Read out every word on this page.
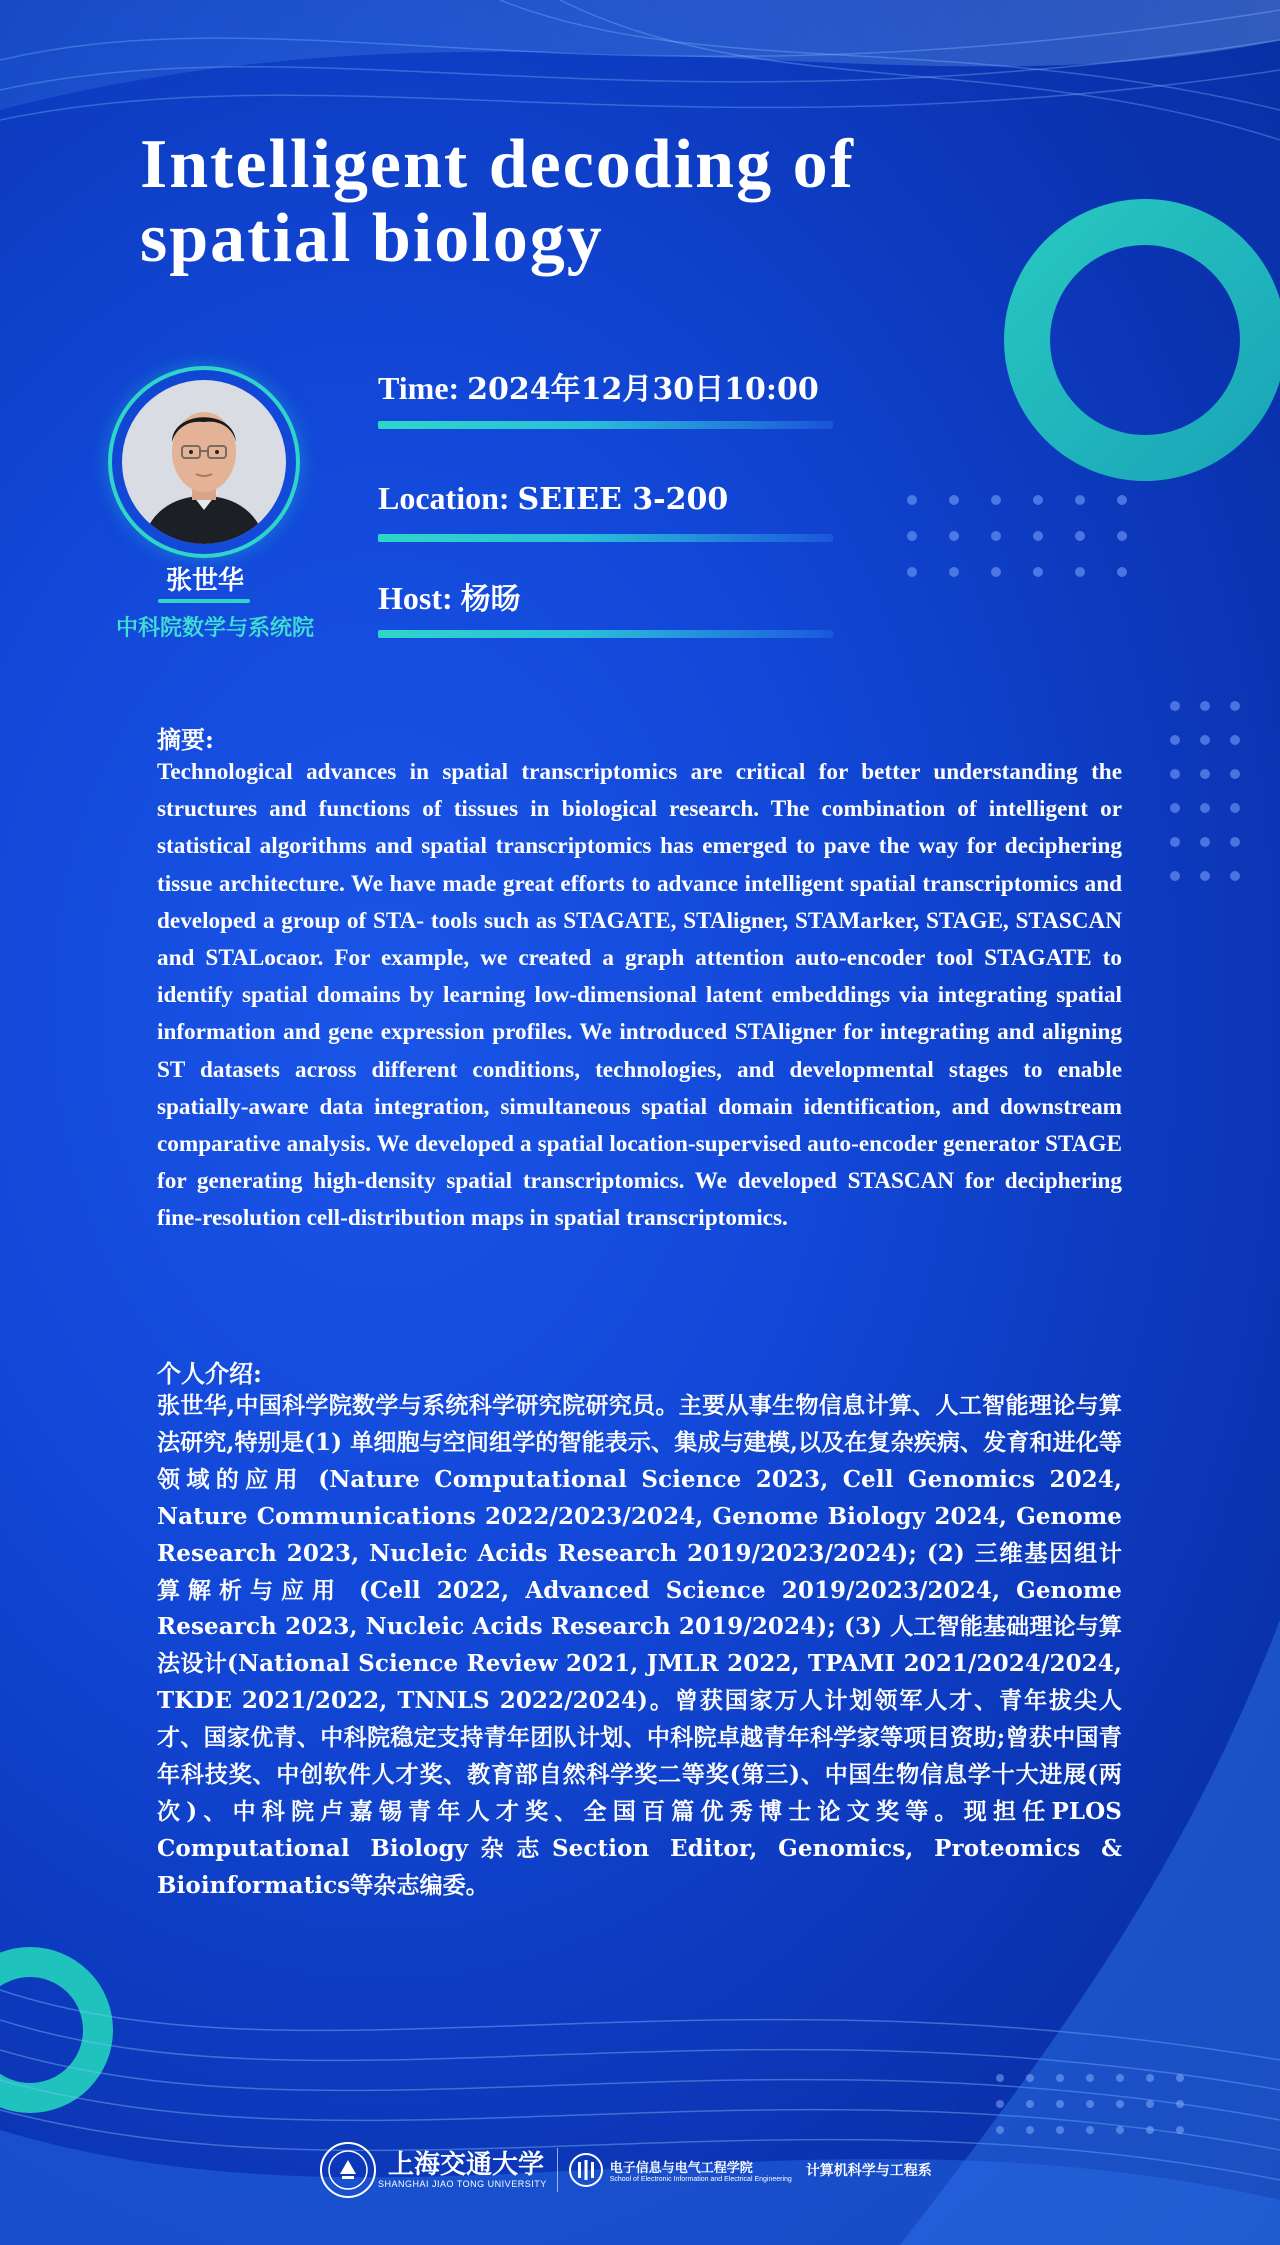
Intelligent decoding of
spatial biology
张世华
中科院数学与系统院
Time: 2024年12月30日10:00
Location: SEIEE 3-200
Host: 杨旸
摘要:

Technological advances in spatial transcriptomics are critical for better understanding the structures and functions of tissues in biological research. The combination of intelligent or statistical algorithms and spatial transcriptomics has emerged to pave the way for deciphering tissue architecture. We have made great efforts to advance intelligent spatial transcriptomics and developed a group of STA- tools such as STAGATE, STAligner, STAMarker, STAGE, STASCAN and STALocaor. For example, we created a graph attention auto-encoder tool STAGATE to identify spatial domains by learning low-dimensional latent embeddings via integrating spatial information and gene expression profiles. We introduced STAligner for integrating and aligning ST datasets across different conditions, technologies, and developmental stages to enable spatially-aware data integration, simultaneous spatial domain identification, and downstream comparative analysis. We developed a spatial location-supervised auto-encoder generator STAGE for generating high-density spatial transcriptomics. We developed STASCAN for deciphering fine-resolution cell-distribution maps in spatial transcriptomics.

个人介绍:

张世华,中国科学院数学与系统科学研究院研究员。主要从事生物信息计算、人工智能理论与算法研究,特别是(1) 单细胞与空间组学的智能表示、集成与建模,以及在复杂疾病、发育和进化等领域的应用 (Nature Computational Science 2023, Cell Genomics 2024, Nature Communications 2022/2023/2024, Genome Biology 2024, Genome Research 2023, Nucleic Acids Research 2019/2023/2024); (2) 三维基因组计算解析与应用 (Cell 2022, Advanced Science 2019/2023/2024, Genome Research 2023, Nucleic Acids Research 2019/2024); (3) 人工智能基础理论与算法设计(National Science Review 2021, JMLR 2022, TPAMI 2021/2024/2024, TKDE 2021/2022, TNNLS 2022/2024)。曾获国家万人计划领军人才、青年拔尖人才、国家优青、中科院稳定支持青年团队计划、中科院卓越青年科学家等项目资助;曾获中国青年科技奖、中创软件人才奖、教育部自然科学奖二等奖(第三)、中国生物信息学十大进展(两次)、中科院卢嘉锡青年人才奖、全国百篇优秀博士论文奖等。现担任PLOS Computational Biology杂志Section Editor, Genomics, Proteomics & Bioinformatics等杂志编委。

上海交通大学
SHANGHAI JIAO TONG UNIVERSITY
电子信息与电气工程学院
School of Electronic Information and Electrical Engineering
计算机科学与工程系
